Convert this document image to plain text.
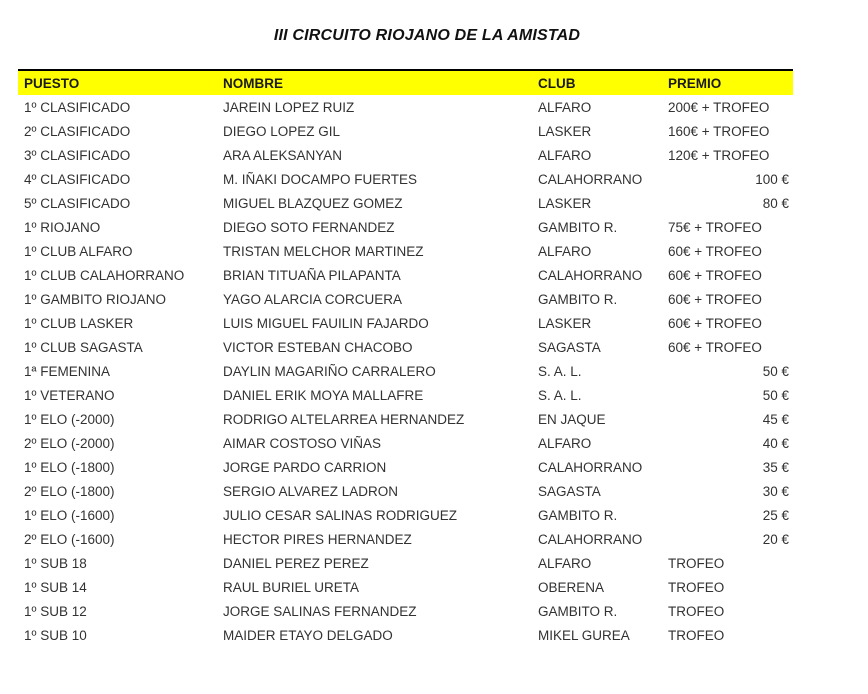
III CIRCUITO RIOJANO DE LA AMISTAD
PUESTO	NOMBRE	CLUB	PREMIO
1º CLASIFICADO	JAREIN LOPEZ RUIZ	ALFARO	200€ + TROFEO
2º CLASIFICADO	DIEGO LOPEZ GIL	LASKER	160€ + TROFEO
3º CLASIFICADO	ARA ALEKSANYAN	ALFARO	120€ + TROFEO
4º CLASIFICADO	M. IÑAKI DOCAMPO FUERTES	CALAHORRANO	100 €
5º CLASIFICADO	MIGUEL BLAZQUEZ GOMEZ	LASKER	80 €
1º RIOJANO	DIEGO SOTO FERNANDEZ	GAMBITO R.	75€ + TROFEO
1º CLUB ALFARO	TRISTAN MELCHOR MARTINEZ	ALFARO	60€ + TROFEO
1º CLUB CALAHORRANO	BRIAN TITUAÑA PILAPANTA	CALAHORRANO	60€ + TROFEO
1º GAMBITO RIOJANO	YAGO ALARCIA CORCUERA	GAMBITO R.	60€ + TROFEO
1º CLUB LASKER	LUIS MIGUEL FAUILIN FAJARDO	LASKER	60€ + TROFEO
1º CLUB SAGASTA	VICTOR ESTEBAN CHACOBO	SAGASTA	60€ + TROFEO
1ª FEMENINA	DAYLIN MAGARIÑO CARRALERO	S. A. L.	50 €
1º VETERANO	DANIEL ERIK MOYA MALLAFRE	S. A. L.	50 €
1º ELO (-2000)	RODRIGO ALTELARREA HERNANDEZ	EN JAQUE	45 €
2º ELO (-2000)	AIMAR COSTOSO VIÑAS	ALFARO	40 €
1º ELO (-1800)	JORGE PARDO CARRION	CALAHORRANO	35 €
2º ELO (-1800)	SERGIO ALVAREZ LADRON	SAGASTA	30 €
1º ELO (-1600)	JULIO CESAR SALINAS RODRIGUEZ	GAMBITO R.	25 €
2º ELO (-1600)	HECTOR PIRES HERNANDEZ	CALAHORRANO	20 €
1º SUB 18	DANIEL PEREZ PEREZ	ALFARO	TROFEO
1º SUB 14	RAUL BURIEL URETA	OBERENA	TROFEO
1º SUB 12	JORGE SALINAS FERNANDEZ	GAMBITO R.	TROFEO
1º SUB 10	MAIDER ETAYO DELGADO	MIKEL GUREA	TROFEO
